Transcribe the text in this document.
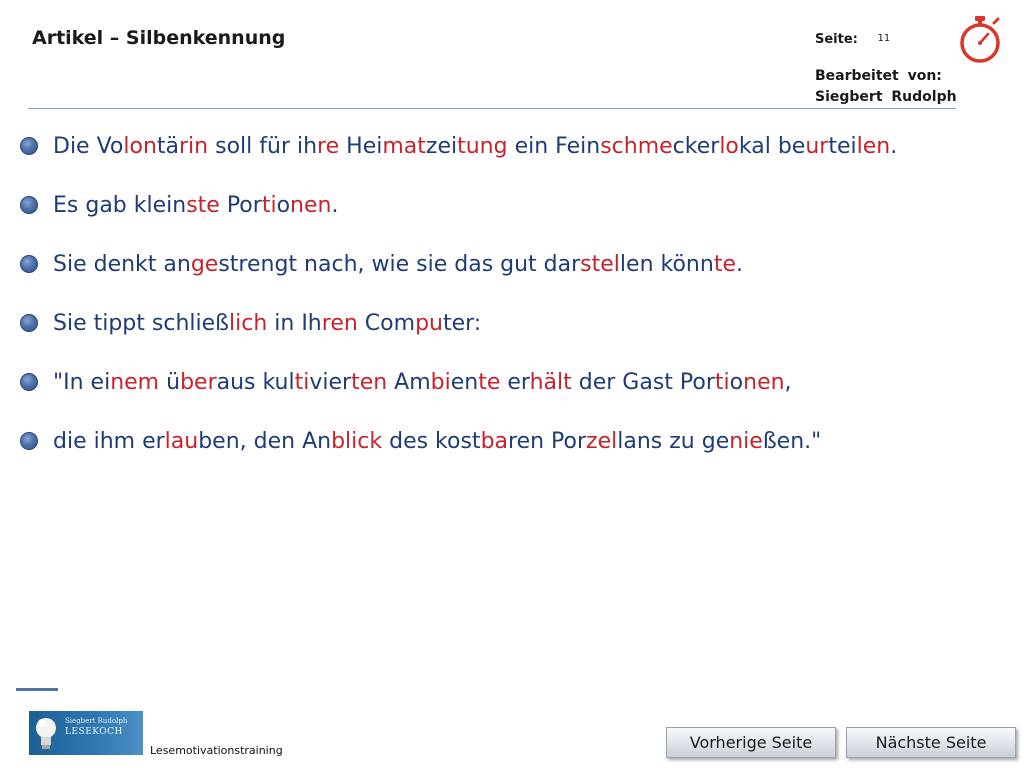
Artikel – Silbenkennung	Seite: 11
Bearbeitet von:
Siegbert Rudolph
Die Volontärin soll für ihre Heimatzeitung ein Feinschmeckerlokal beurteilen.
Es gab kleinste Portionen.
Sie denkt angestrengt nach, wie sie das gut darstellen könnte.
Sie tippt schließlich in Ihren Computer:
"In einem überaus kultivierten Ambiente erhält der Gast Portionen,
die ihm erlauben, den Anblick des kostbaren Porzellans zu genießen."
Siegbert Rudolph
LESEKOCH
Lesemotivationstraining	Vorherige Seite	Nächste Seite
